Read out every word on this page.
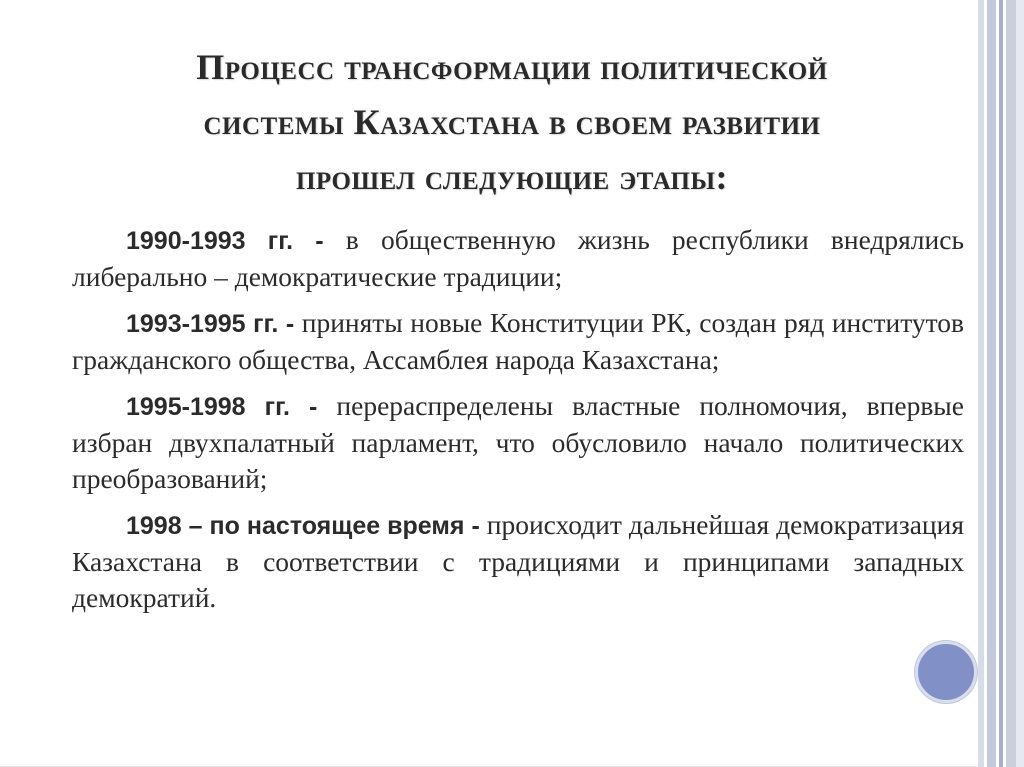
Процесс трансформации политической
системы Казахстана в своем развитии
прошел следующие этапы:

1990-1993 гг. - в общественную жизнь республики внедрялись либерально – демократические традиции;

1993-1995 гг. - приняты новые Конституции РК, создан ряд институтов гражданского общества, Ассамблея народа Казахстана;

1995-1998 гг. - перераспределены властные полномочия, впервые избран двухпалатный парламент, что обусловило начало политических преобразований;

1998 – по настоящее время - происходит дальнейшая демократизация Казахстана в соответствии с традициями и принципами западных демократий.
